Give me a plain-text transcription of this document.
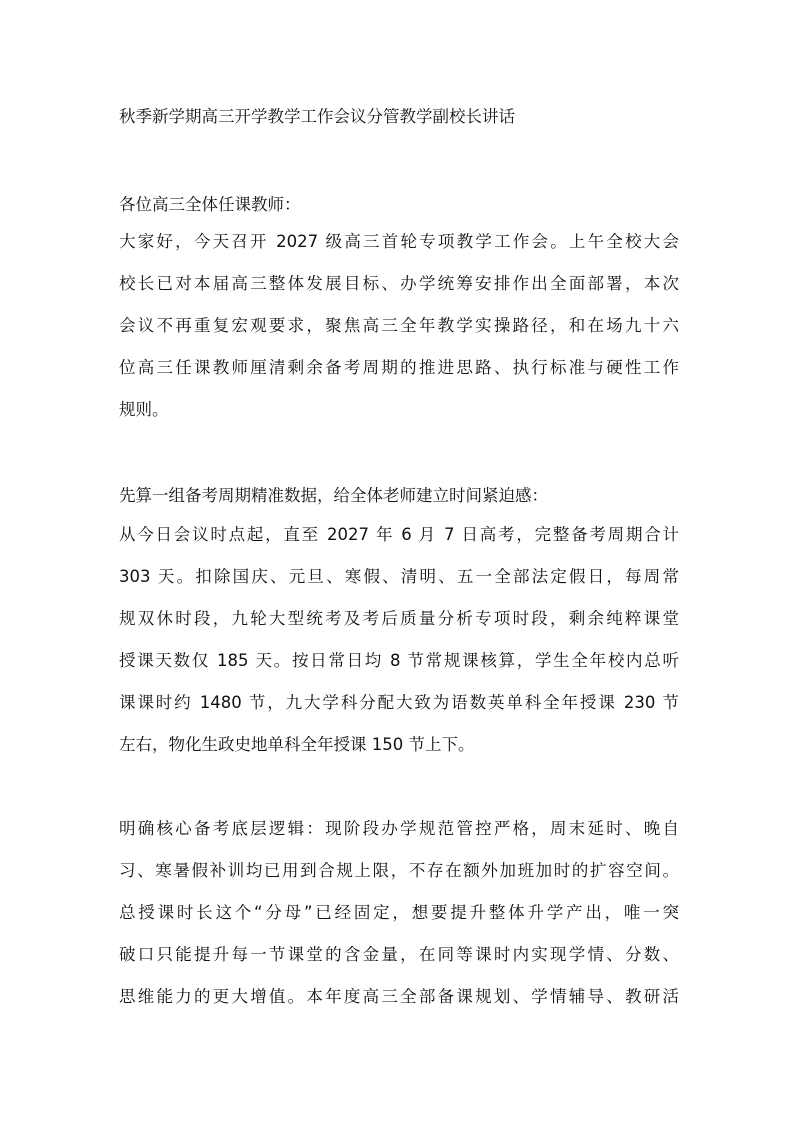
秋季新学期高三开学教学工作会议分管教学副校长讲话

各位高三全体任课教师：

大家好，今天召开 2027 级高三首轮专项教学工作会。上午全校大会

校长已对本届高三整体发展目标、办学统筹安排作出全面部署，本次

会议不再重复宏观要求，聚焦高三全年教学实操路径，和在场九十六

位高三任课教师厘清剩余备考周期的推进思路、执行标准与硬性工作

规则。

先算一组备考周期精准数据，给全体老师建立时间紧迫感：

从今日会议时点起，直至 2027 年 6 月 7 日高考，完整备考周期合计

303 天。扣除国庆、元旦、寒假、清明、五一全部法定假日，每周常

规双休时段，九轮大型统考及考后质量分析专项时段，剩余纯粹课堂

授课天数仅 185 天。按日常日均 8 节常规课核算，学生全年校内总听

课课时约 1480 节，九大学科分配大致为语数英单科全年授课 230 节

左右，物化生政史地单科全年授课 150 节上下。

明确核心备考底层逻辑：现阶段办学规范管控严格，周末延时、晚自

习、寒暑假补训均已用到合规上限，不存在额外加班加时的扩容空间。

总授课时长这个“分母”已经固定，想要提升整体升学产出，唯一突

破口只能提升每一节课堂的含金量，在同等课时内实现学情、分数、

思维能力的更大增值。本年度高三全部备课规划、学情辅导、教研活
